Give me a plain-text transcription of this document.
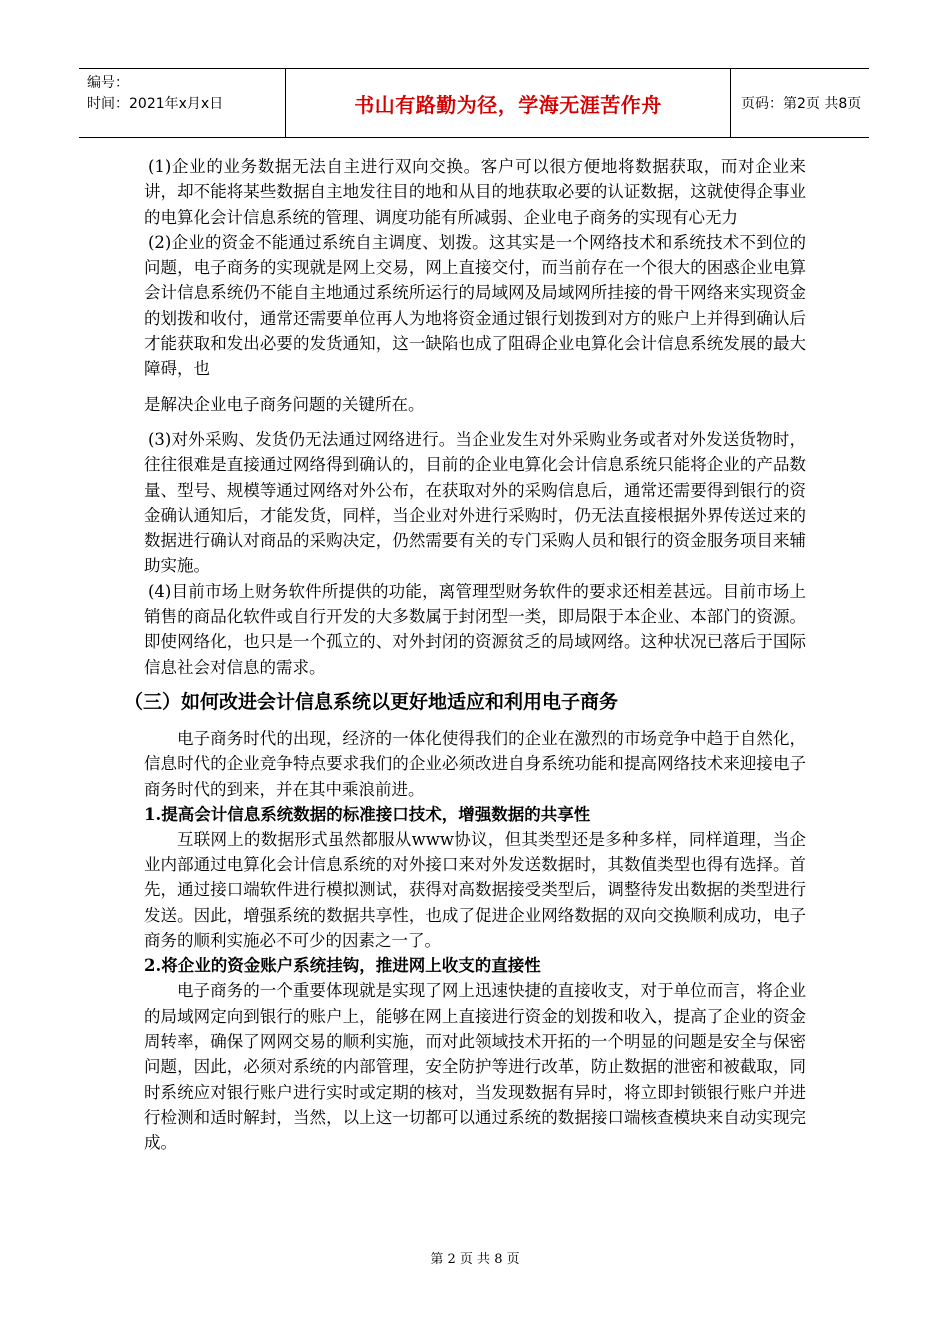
编号：
时间：2021年x月x日	书山有路勤为径，学海无涯苦作舟	页码：第2页 共8页

(1)企业的业务数据无法自主进行双向交换。客户可以很方便地将数据获取，而对企业来讲，却不能将某些数据自主地发往目的地和从目的地获取必要的认证数据，这就使得企事业的电算化会计信息系统的管理、调度功能有所减弱、企业电子商务的实现有心无力

(2)企业的资金不能通过系统自主调度、划拨。这其实是一个网络技术和系统技术不到位的问题，电子商务的实现就是网上交易，网上直接交付，而当前存在一个很大的困惑企业电算会计信息系统仍不能自主地通过系统所运行的局域网及局域网所挂接的骨干网络来实现资金的划拨和收付，通常还需要单位再人为地将资金通过银行划拨到对方的账户上并得到确认后才能获取和发出必要的发货通知，这一缺陷也成了阻碍企业电算化会计信息系统发展的最大障碍，也

是解决企业电子商务问题的关键所在。

(3)对外采购、发货仍无法通过网络进行。当企业发生对外采购业务或者对外发送货物时，往往很难是直接通过网络得到确认的，目前的企业电算化会计信息系统只能将企业的产品数量、型号、规模等通过网络对外公布，在获取对外的采购信息后，通常还需要得到银行的资金确认通知后，才能发货，同样，当企业对外进行采购时，仍无法直接根据外界传送过来的数据进行确认对商品的采购决定，仍然需要有关的专门采购人员和银行的资金服务项目来辅助实施。

(4)目前市场上财务软件所提供的功能，离管理型财务软件的要求还相差甚远。目前市场上销售的商品化软件或自行开发的大多数属于封闭型一类，即局限于本企业、本部门的资源。即使网络化，也只是一个孤立的、对外封闭的资源贫乏的局域网络。这种状况已落后于国际信息社会对信息的需求。

（三）如何改进会计信息系统以更好地适应和利用电子商务

电子商务时代的出现，经济的一体化使得我们的企业在激烈的市场竞争中趋于自然化，信息时代的企业竞争特点要求我们的企业必须改进自身系统功能和提高网络技术来迎接电子商务时代的到来，并在其中乘浪前进。

1.提高会计信息系统数据的标准接口技术，增强数据的共享性

互联网上的数据形式虽然都服从www协议，但其类型还是多种多样，同样道理，当企业内部通过电算化会计信息系统的对外接口来对外发送数据时，其数值类型也得有选择。首先，通过接口端软件进行模拟测试，获得对高数据接受类型后，调整待发出数据的类型进行发送。因此，增强系统的数据共享性，也成了促进企业网络数据的双向交换顺利成功，电子商务的顺利实施必不可少的因素之一了。

2.将企业的资金账户系统挂钩，推进网上收支的直接性

电子商务的一个重要体现就是实现了网上迅速快捷的直接收支，对于单位而言，将企业的局域网定向到银行的账户上，能够在网上直接进行资金的划拨和收入，提高了企业的资金周转率，确保了网网交易的顺利实施，而对此领域技术开拓的一个明显的问题是安全与保密问题，因此，必须对系统的内部管理，安全防护等进行改革，防止数据的泄密和被截取，同时系统应对银行账户进行实时或定期的核对，当发现数据有异时，将立即封锁银行账户并进行检测和适时解封，当然，以上这一切都可以通过系统的数据接口端核查模块来自动实现完成。

第 2 页 共 8 页
